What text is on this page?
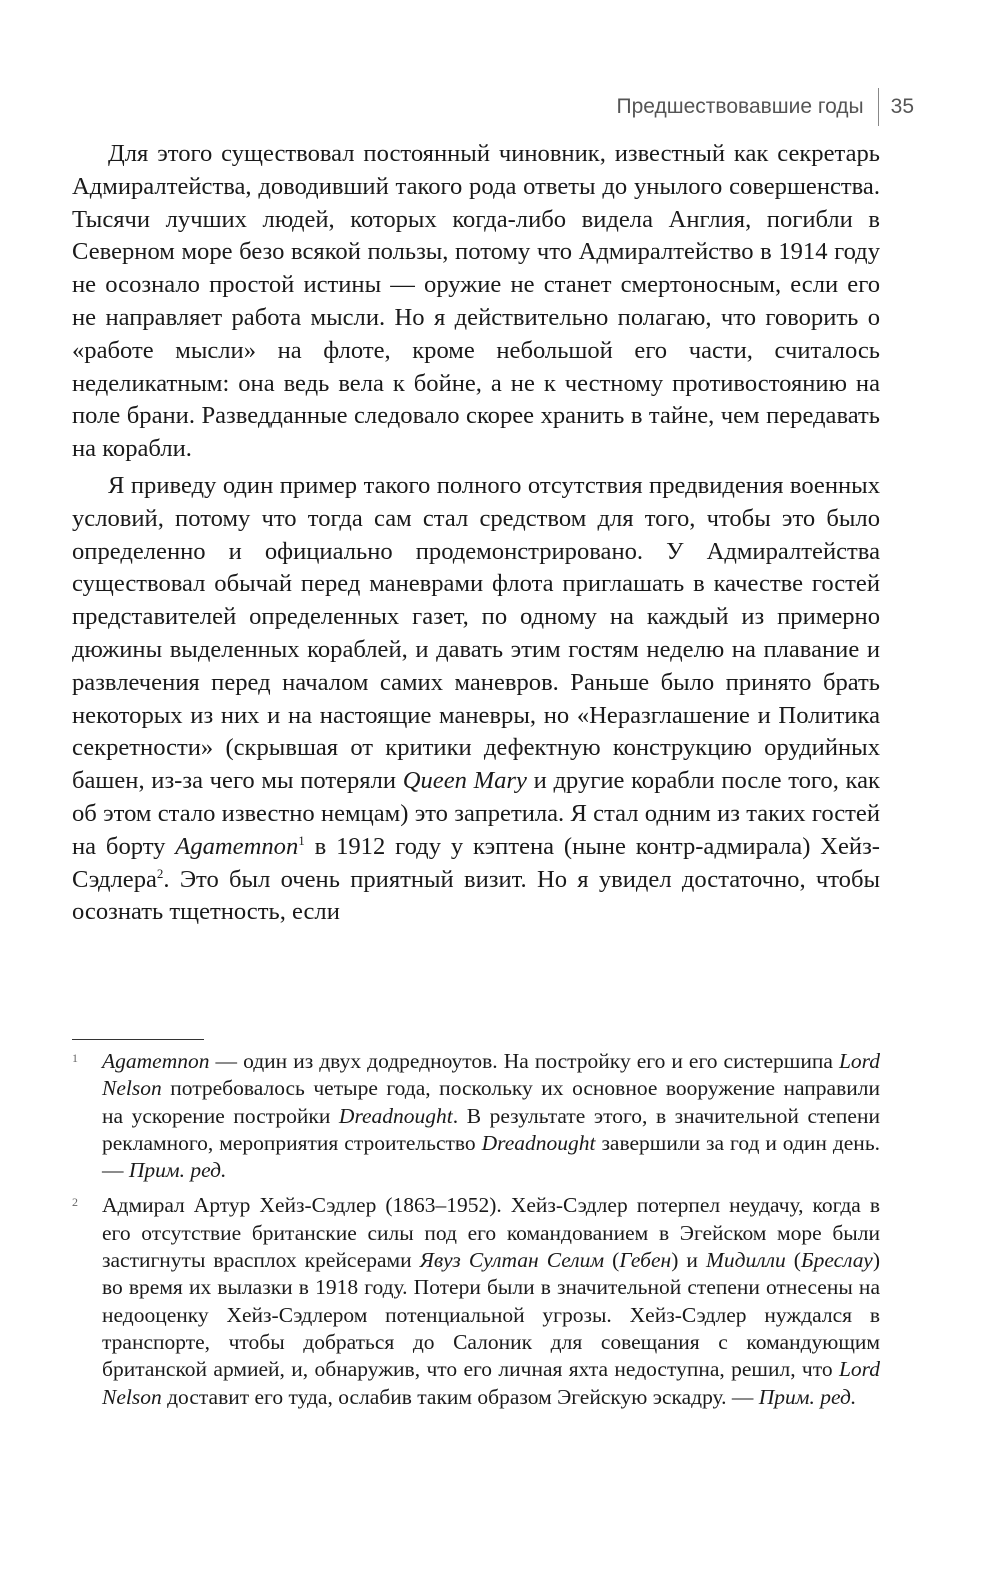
Предшествовавшие годы 35

Для этого существовал постоянный чиновник, известный как секретарь Адмиралтейства, доводивший такого рода ответы до унылого совершенства. Тысячи лучших людей, которых когда-либо видела Англия, погибли в Северном море безо всякой пользы, потому что Адмиралтейство в 1914 году не осознало простой истины — оружие не станет смертоносным, если его не направляет работа мысли. Но я действительно полагаю, что говорить о «работе мысли» на флоте, кроме небольшой его части, считалось неделикатным: она ведь вела к бойне, а не к честному противостоянию на поле брани. Разведданные следовало скорее хранить в тайне, чем передавать на корабли.

Я приведу один пример такого полного отсутствия предвидения военных условий, потому что тогда сам стал средством для того, чтобы это было определенно и официально продемонстрировано. У Адмиралтейства существовал обычай перед маневрами флота приглашать в качестве гостей представителей определенных газет, по одному на каждый из примерно дюжины выделенных кораблей, и давать этим гостям неделю на плавание и развлечения перед началом самих маневров. Раньше было принято брать некоторых из них и на настоящие маневры, но «Неразглашение и Политика секретности» (скрывшая от критики дефектную конструкцию орудийных башен, из-за чего мы потеряли Queen Mary и другие корабли после того, как об этом стало известно немцам) это запретила. Я стал одним из таких гостей на борту Agamemnon$^1$ в 1912 году у кэптена (ныне контр-адмирала) Хейз-Сэдлера$^2$. Это был очень приятный визит. Но я увидел достаточно, чтобы осознать тщетность, если

1 Agamemnon — один из двух додредноутов. На постройку его и его систершипа Lord Nelson потребовалось четыре года, поскольку их основное вооружение направили на ускорение постройки Dreadnought. В результате этого, в значительной степени рекламного, мероприятия строительство Dreadnought завершили за год и один день. — Прим. ред.
2 Адмирал Артур Хейз-Сэдлер (1863–1952). Хейз-Сэдлер потерпел неудачу, когда в его отсутствие британские силы под его командованием в Эгейском море были застигнуты врасплох крейсерами Явуз Султан Селим (Гебен) и Мидилли (Бреслау) во время их вылазки в 1918 году. Потери были в значительной степени отнесены на недооценку Хейз-Сэдлером потенциальной угрозы. Хейз-Сэдлер нуждался в транспорте, чтобы добраться до Салоник для совещания с командующим британской армией, и, обнаружив, что его личная яхта недоступна, решил, что Lord Nelson доставит его туда, ослабив таким образом Эгейскую эскадру. — Прим. ред.
